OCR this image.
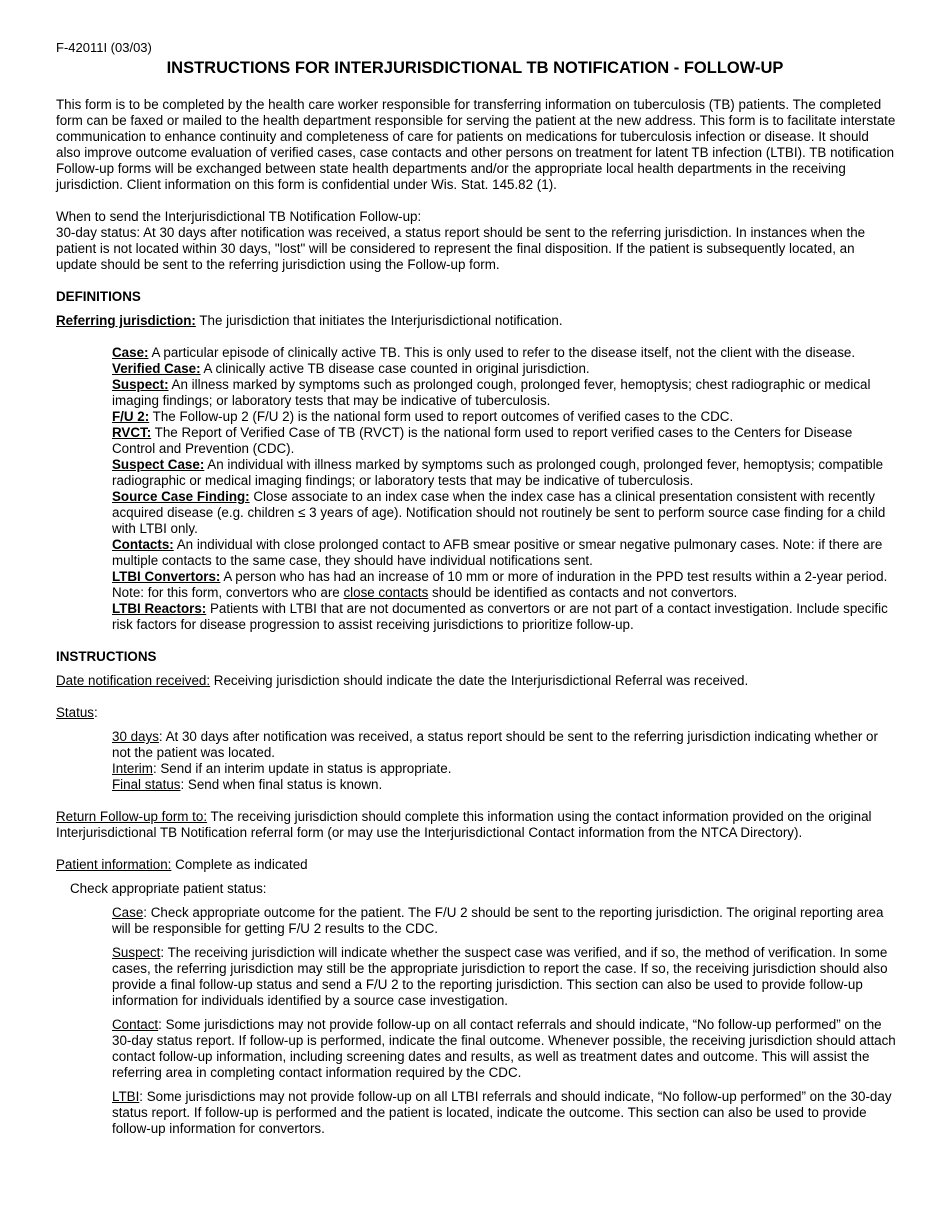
F-42011I (03/03)
INSTRUCTIONS FOR INTERJURISDICTIONAL TB NOTIFICATION - FOLLOW-UP

This form is to be completed by the health care worker responsible for transferring information on tuberculosis (TB) patients. The completed form can be faxed or mailed to the health department responsible for serving the patient at the new address. This form is to facilitate interstate communication to enhance continuity and completeness of care for patients on medications for tuberculosis infection or disease. It should also improve outcome evaluation of verified cases, case contacts and other persons on treatment for latent TB infection (LTBI). TB notification Follow-up forms will be exchanged between state health departments and/or the appropriate local health departments in the receiving jurisdiction. Client information on this form is confidential under Wis. Stat. 145.82 (1).

When to send the Interjurisdictional TB Notification Follow-up:

30-day status: At 30 days after notification was received, a status report should be sent to the referring jurisdiction. In instances when the patient is not located within 30 days, "lost" will be considered to represent the final disposition. If the patient is subsequently located, an update should be sent to the referring jurisdiction using the Follow-up form.

DEFINITIONS

Referring jurisdiction: The jurisdiction that initiates the Interjurisdictional notification.

Case: A particular episode of clinically active TB. This is only used to refer to the disease itself, not the client with the disease.

Verified Case: A clinically active TB disease case counted in original jurisdiction.

Suspect: An illness marked by symptoms such as prolonged cough, prolonged fever, hemoptysis; chest radiographic or medical imaging findings; or laboratory tests that may be indicative of tuberculosis.

F/U 2: The Follow-up 2 (F/U 2) is the national form used to report outcomes of verified cases to the CDC.

RVCT: The Report of Verified Case of TB (RVCT) is the national form used to report verified cases to the Centers for Disease Control and Prevention (CDC).

Suspect Case: An individual with illness marked by symptoms such as prolonged cough, prolonged fever, hemoptysis; compatible radiographic or medical imaging findings; or laboratory tests that may be indicative of tuberculosis.

Source Case Finding: Close associate to an index case when the index case has a clinical presentation consistent with recently acquired disease (e.g. children ≤ 3 years of age). Notification should not routinely be sent to perform source case finding for a child with LTBI only.

Contacts: An individual with close prolonged contact to AFB smear positive or smear negative pulmonary cases. Note: if there are multiple contacts to the same case, they should have individual notifications sent.

LTBI Convertors: A person who has had an increase of 10 mm or more of induration in the PPD test results within a 2-year period. Note: for this form, convertors who are close contacts should be identified as contacts and not convertors.

LTBI Reactors: Patients with LTBI that are not documented as convertors or are not part of a contact investigation. Include specific risk factors for disease progression to assist receiving jurisdictions to prioritize follow-up.

INSTRUCTIONS

Date notification received: Receiving jurisdiction should indicate the date the Interjurisdictional Referral was received.

Status:

30 days: At 30 days after notification was received, a status report should be sent to the referring jurisdiction indicating whether or not the patient was located.

Interim: Send if an interim update in status is appropriate.

Final status: Send when final status is known.

Return Follow-up form to: The receiving jurisdiction should complete this information using the contact information provided on the original Interjurisdictional TB Notification referral form (or may use the Interjurisdictional Contact information from the NTCA Directory).

Patient information: Complete as indicated

Check appropriate patient status:

Case: Check appropriate outcome for the patient. The F/U 2 should be sent to the reporting jurisdiction. The original reporting area will be responsible for getting F/U 2 results to the CDC.

Suspect: The receiving jurisdiction will indicate whether the suspect case was verified, and if so, the method of verification. In some cases, the referring jurisdiction may still be the appropriate jurisdiction to report the case. If so, the receiving jurisdiction should also provide a final follow-up status and send a F/U 2 to the reporting jurisdiction. This section can also be used to provide follow-up information for individuals identified by a source case investigation.

Contact: Some jurisdictions may not provide follow-up on all contact referrals and should indicate, “No follow-up performed” on the 30-day status report. If follow-up is performed, indicate the final outcome. Whenever possible, the receiving jurisdiction should attach contact follow-up information, including screening dates and results, as well as treatment dates and outcome. This will assist the referring area in completing contact information required by the CDC.

LTBI: Some jurisdictions may not provide follow-up on all LTBI referrals and should indicate, “No follow-up performed” on the 30-day status report. If follow-up is performed and the patient is located, indicate the outcome. This section can also be used to provide follow-up information for convertors.
